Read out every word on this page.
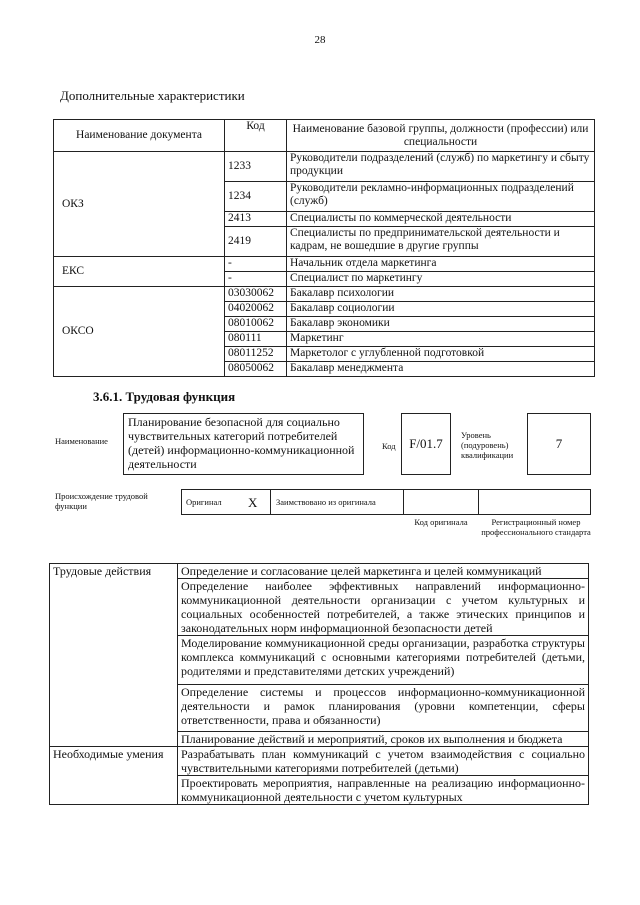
28
Дополнительные характеристики
Наименование документа	Код	Наименование базовой группы, должности (профессии) или специальности
ОКЗ	1233	Руководители подразделений (служб) по маркетингу и сбыту продукции
	1234	Руководители рекламно-информационных подразделений (служб)
	2413	Специалисты по коммерческой деятельности
	2419	Специалисты по предпринимательской деятельности и кадрам, не вошедшие в другие группы
ЕКС	-	Начальник отдела маркетинга
	-	Специалист по маркетингу
ОКСО	03030062	Бакалавр психологии
	04020062	Бакалавр социологии
	08010062	Бакалавр экономики
	080111	Маркетинг
	08011252	Маркетолог с углубленной подготовкой
	08050062	Бакалавр менеджмента
3.6.1. Трудовая функция
Наименование
Планирование безопасной для социально чувствительных категорий потребителей (детей) информационно-коммуникационной деятельности
Код	F/01.7
Уровень (подуровень) квалификации
7
Происхождение трудовой функции	Оригинал X Заимствовано из оригинала
Код оригинала	Регистрационный номер профессионального стандарта
Трудовые действия	Определение и согласование целей маркетинга и целей коммуникаций
	Определение наиболее эффективных направлений информационно-коммуникационной деятельности организации с учетом культурных и социальных особенностей потребителей, а также этических принципов и законодательных норм информационной безопасности детей
	Моделирование коммуникационной среды организации, разработка структуры комплекса коммуникаций с основными категориями потребителей (детьми, родителями и представителями детских учреждений)
	Определение системы и процессов информационно-коммуникационной деятельности и рамок планирования (уровни компетенции, сферы ответственности, права и обязанности)
	Планирование действий и мероприятий, сроков их выполнения и бюджета
Необходимые умения	Разрабатывать план коммуникаций с учетом взаимодействия с социально чувствительными категориями потребителей (детьми)
	Проектировать мероприятия, направленные на реализацию информационно-коммуникационной деятельности с учетом культурных
